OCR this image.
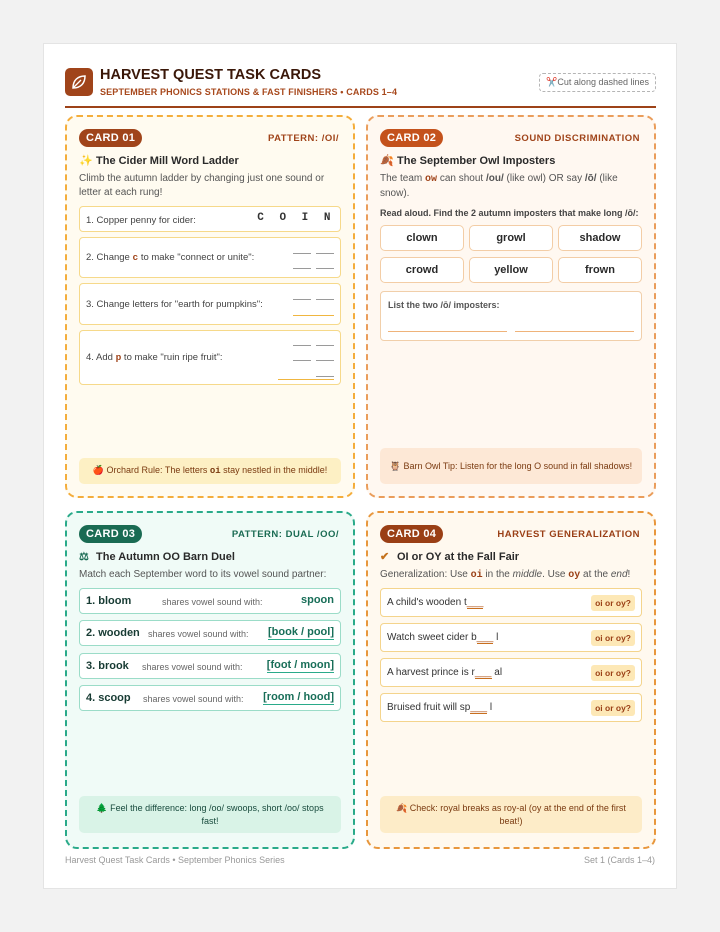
HARVEST QUEST TASK CARDS
SEPTEMBER PHONICS STATIONS & FAST FINISHERS • CARDS 1–4
✂️Cut along dashed lines
CARD 01	PATTERN: /OI/
✨ The Cider Mill Word Ladder
Climb the autumn ladder by changing just one sound or letter at each rung!
1. Copper penny for cider:	C O I N
2. Change c to make "connect or unite":
3. Change letters for "earth for pumpkins":
4. Add p to make "ruin ripe fruit":
🍎 Orchard Rule: The letters oi stay nestled in the middle!
CARD 02	SOUND DISCRIMINATION
🍂 The September Owl Imposters
The team ow can shout /ou/ (like owl) OR say /ō/ (like snow).
Read aloud. Find the 2 autumn imposters that make long /ō/:
clown	growl	shadow
crowd	yellow	frown
List the two /ō/ imposters:
🦉 Barn Owl Tip: Listen for the long O sound in fall shadows!
CARD 03	PATTERN: DUAL /OO/
⚖ The Autumn OO Barn Duel
Match each September word to its vowel sound partner:
1. bloom	shares vowel sound with:	spoon
2. wooden shares vowel sound with: [book / pool]
3. brook shares vowel sound with: [foot / moon]
4. scoop shares vowel sound with: [room / hood]
🌲 Feel the difference: long /oo/ swoops, short /oo/ stops fast!
CARD 04	HARVEST GENERALIZATION
✔ OI or OY at the Fall Fair
Generalization: Use oi in the middle. Use oy at the end!
A child's wooden t___	oi or oy?
Watch sweet cider b___ l	oi or oy?
A harvest prince is r___ al	oi or oy?
Bruised fruit will sp___ l	oi or oy?
🍂 Check: royal breaks as roy-al (oy at the end of the first beat!)
Harvest Quest Task Cards • September Phonics Series	Set 1 (Cards 1–4)
